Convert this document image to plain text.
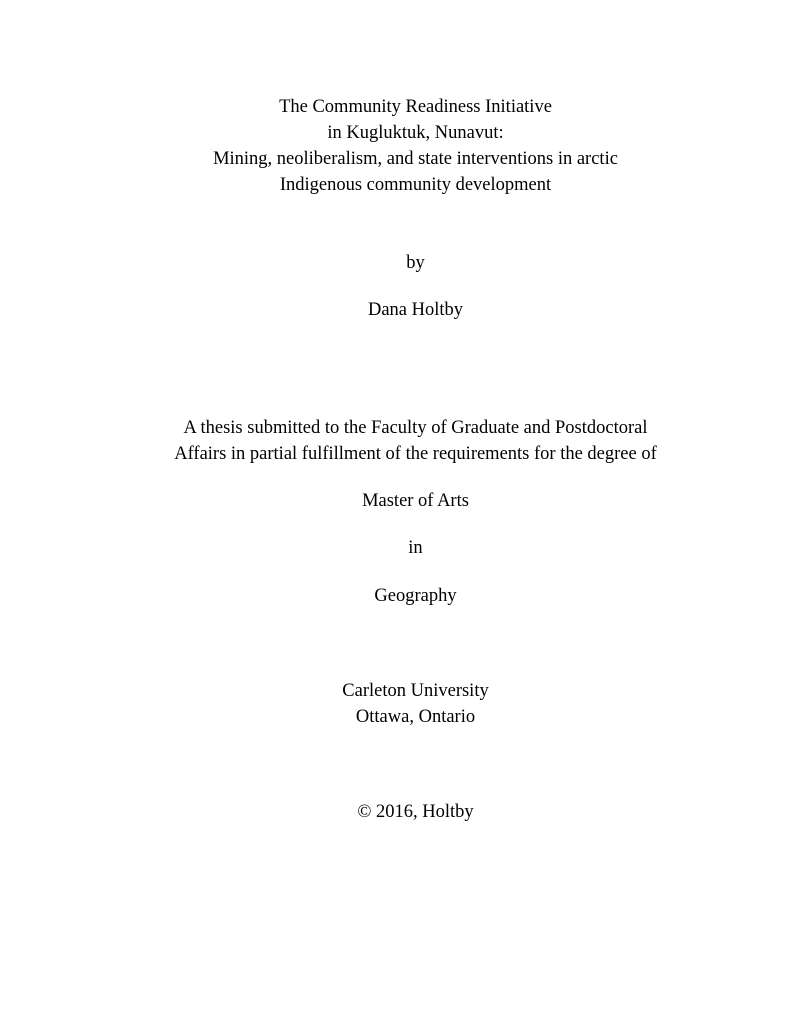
The Community Readiness Initiative
in Kugluktuk, Nunavut:
Mining, neoliberalism, and state interventions in arctic
Indigenous community development
by
Dana Holtby
A thesis submitted to the Faculty of Graduate and Postdoctoral
Affairs in partial fulfillment of the requirements for the degree of
Master of Arts
in
Geography
Carleton University
Ottawa, Ontario
© 2016, Holtby
